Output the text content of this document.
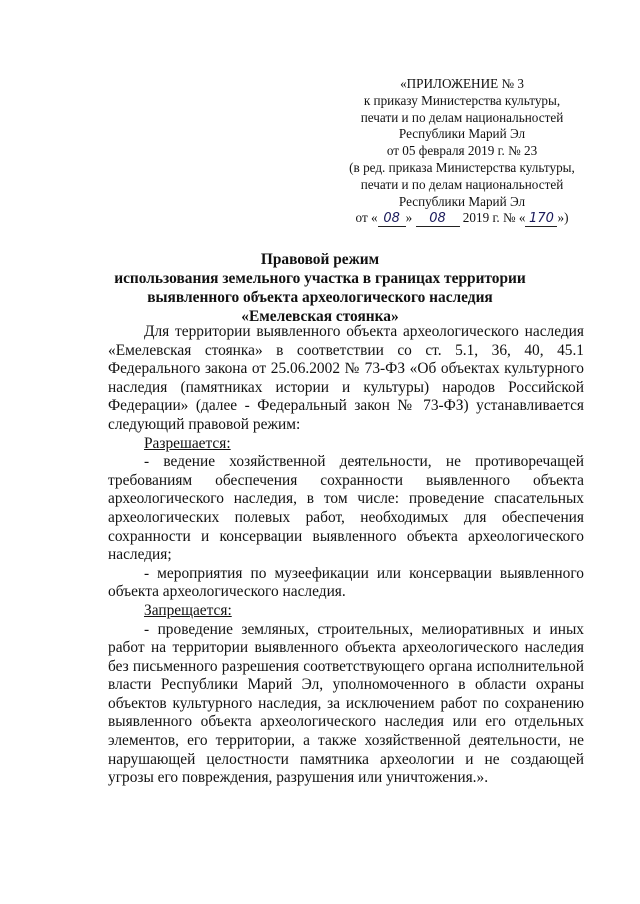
«ПРИЛОЖЕНИЕ № 3
к приказу Министерства культуры,
печати и по делам национальностей
Республики Марий Эл
от 05 февраля 2019 г. № 23
(в ред. приказа Министерства культуры,
печати и по делам национальностей
Республики Марий Эл
от « 08 » 08 2019 г. № « 170 »)
Правовой режим
использования земельного участка в границах территории
выявленного объекта археологического наследия
«Емелевская стоянка»

Для территории выявленного объекта археологического наследия «Емелевская стоянка» в соответствии со ст. 5.1, 36, 40, 45.1 Федерального закона от 25.06.2002 № 73-ФЗ «Об объектах культурного наследия (памятниках истории и культуры) народов Российской Федерации» (далее - Федеральный закон № 73-ФЗ) устанавливается следующий правовой режим:

Разрешается:

- ведение хозяйственной деятельности, не противоречащей требованиям обеспечения сохранности выявленного объекта археологического наследия, в том числе: проведение спасательных археологических полевых работ, необходимых для обеспечения сохранности и консервации выявленного объекта археологического наследия;

- мероприятия по музеефикации или консервации выявленного объекта археологического наследия.

Запрещается:

- проведение земляных, строительных, мелиоративных и иных работ на территории выявленного объекта археологического наследия без письменного разрешения соответствующего органа исполнительной власти Республики Марий Эл, уполномоченного в области охраны объектов культурного наследия, за исключением работ по сохранению выявленного объекта археологического наследия или его отдельных элементов, его территории, а также хозяйственной деятельности, не нарушающей целостности памятника археологии и не создающей угрозы его повреждения, разрушения или уничтожения.».
